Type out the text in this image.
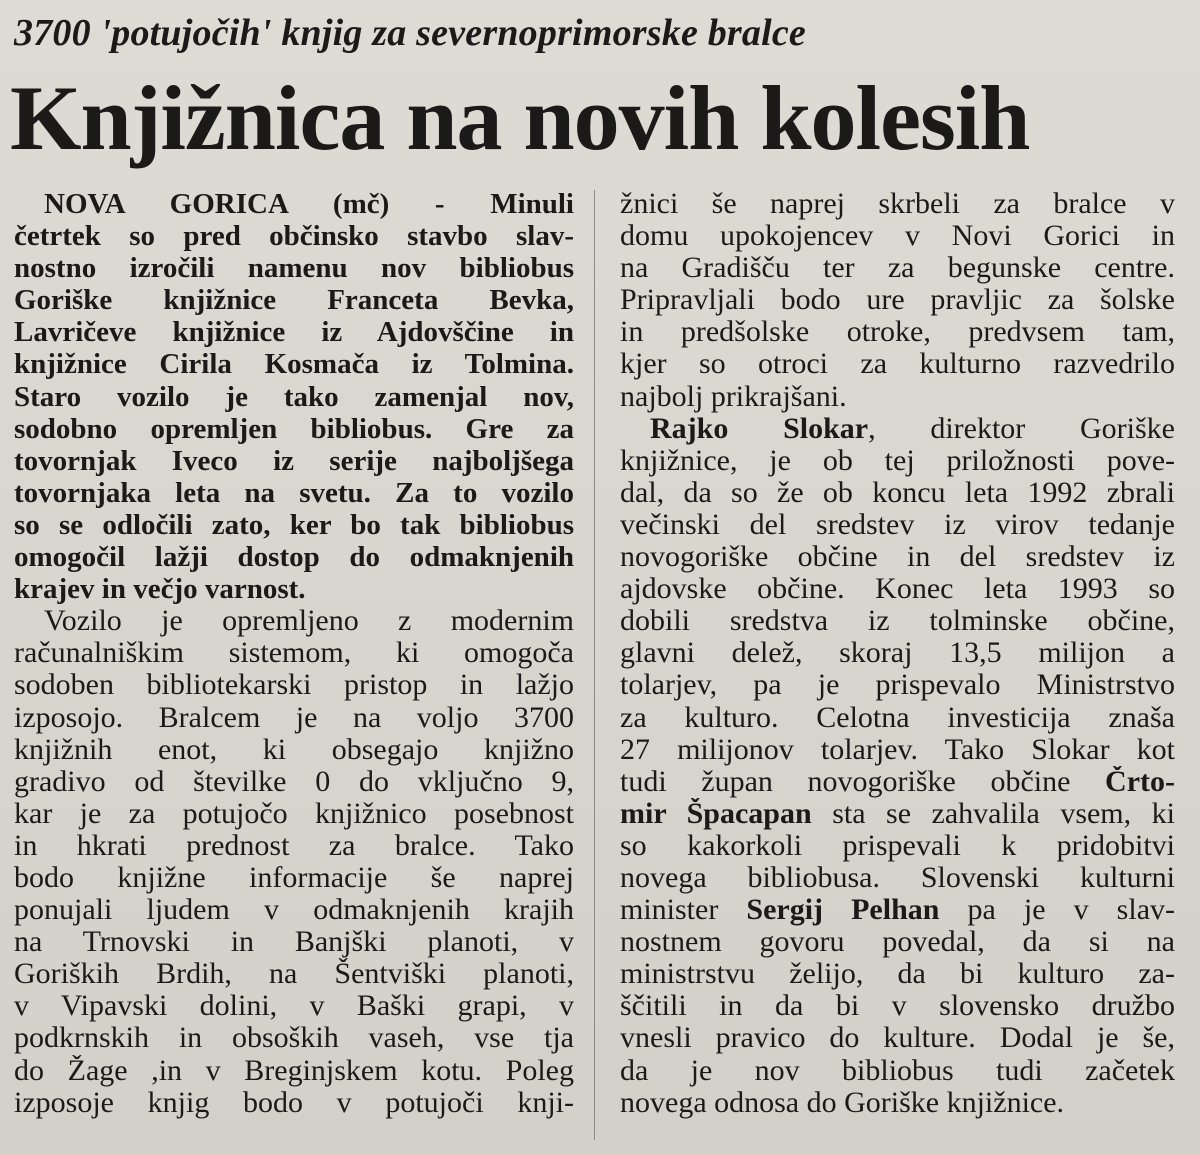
3700 'potujočih' knjig za severnoprimorske bralce
Knjižnica na novih kolesih
NOVA GORICA (mč) - Minuli
četrtek so pred občinsko stavbo slav-
nostno izročili namenu nov bibliobus
Goriške knjižnice Franceta Bevka,
Lavričeve knjižnice iz Ajdovščine in
knjižnice Cirila Kosmača iz Tolmina.
Staro vozilo je tako zamenjal nov,
sodobno opremljen bibliobus. Gre za
tovornjak Iveco iz serije najboljšega
tovornjaka leta na svetu. Za to vozilo
so se odločili zato, ker bo tak bibliobus
omogočil lažji dostop do odmaknjenih
krajev in večjo varnost.
Vozilo je opremljeno z modernim
računalniškim sistemom, ki omogoča
sodoben bibliotekarski pristop in lažjo
izposojo. Bralcem je na voljo 3700
knjižnih enot, ki obsegajo knjižno
gradivo od številke 0 do vključno 9,
kar je za potujočo knjižnico posebnost
in hkrati prednost za bralce. Tako
bodo knjižne informacije še naprej
ponujali ljudem v odmaknjenih krajih
na Trnovski in Banjški planoti, v
Goriških Brdih, na Šentviški planoti,
v Vipavski dolini, v Baški grapi, v
podkrnskih in obsoških vaseh, vse tja
do Žage ,in v Breginjskem kotu. Poleg
izposoje knjig bodo v potujoči knji-
žnici še naprej skrbeli za bralce v
domu upokojencev v Novi Gorici in
na Gradišču ter za begunske centre.
Pripravljali bodo ure pravljic za šolske
in predšolske otroke, predvsem tam,
kjer so otroci za kulturno razvedrilo
najbolj prikrajšani.
Rajko Slokar, direktor Goriške
knjižnice, je ob tej priložnosti pove-
dal, da so že ob koncu leta 1992 zbrali
večinski del sredstev iz virov tedanje
novogoriške občine in del sredstev iz
ajdovske občine. Konec leta 1993 so
dobili sredstva iz tolminske občine,
glavni delež, skoraj 13,5 milijon a
tolarjev, pa je prispevalo Ministrstvo
za kulturo. Celotna investicija znaša
27 milijonov tolarjev. Tako Slokar kot
tudi župan novogoriške občine Črto-
mir Špacapan sta se zahvalila vsem, ki
so kakorkoli prispevali k pridobitvi
novega bibliobusa. Slovenski kulturni
minister Sergij Pelhan pa je v slav-
nostnem govoru povedal, da si na
ministrstvu želijo, da bi kulturo za-
ščitili in da bi v slovensko družbo
vnesli pravico do kulture. Dodal je še,
da je nov bibliobus tudi začetek
novega odnosa do Goriške knjižnice.
